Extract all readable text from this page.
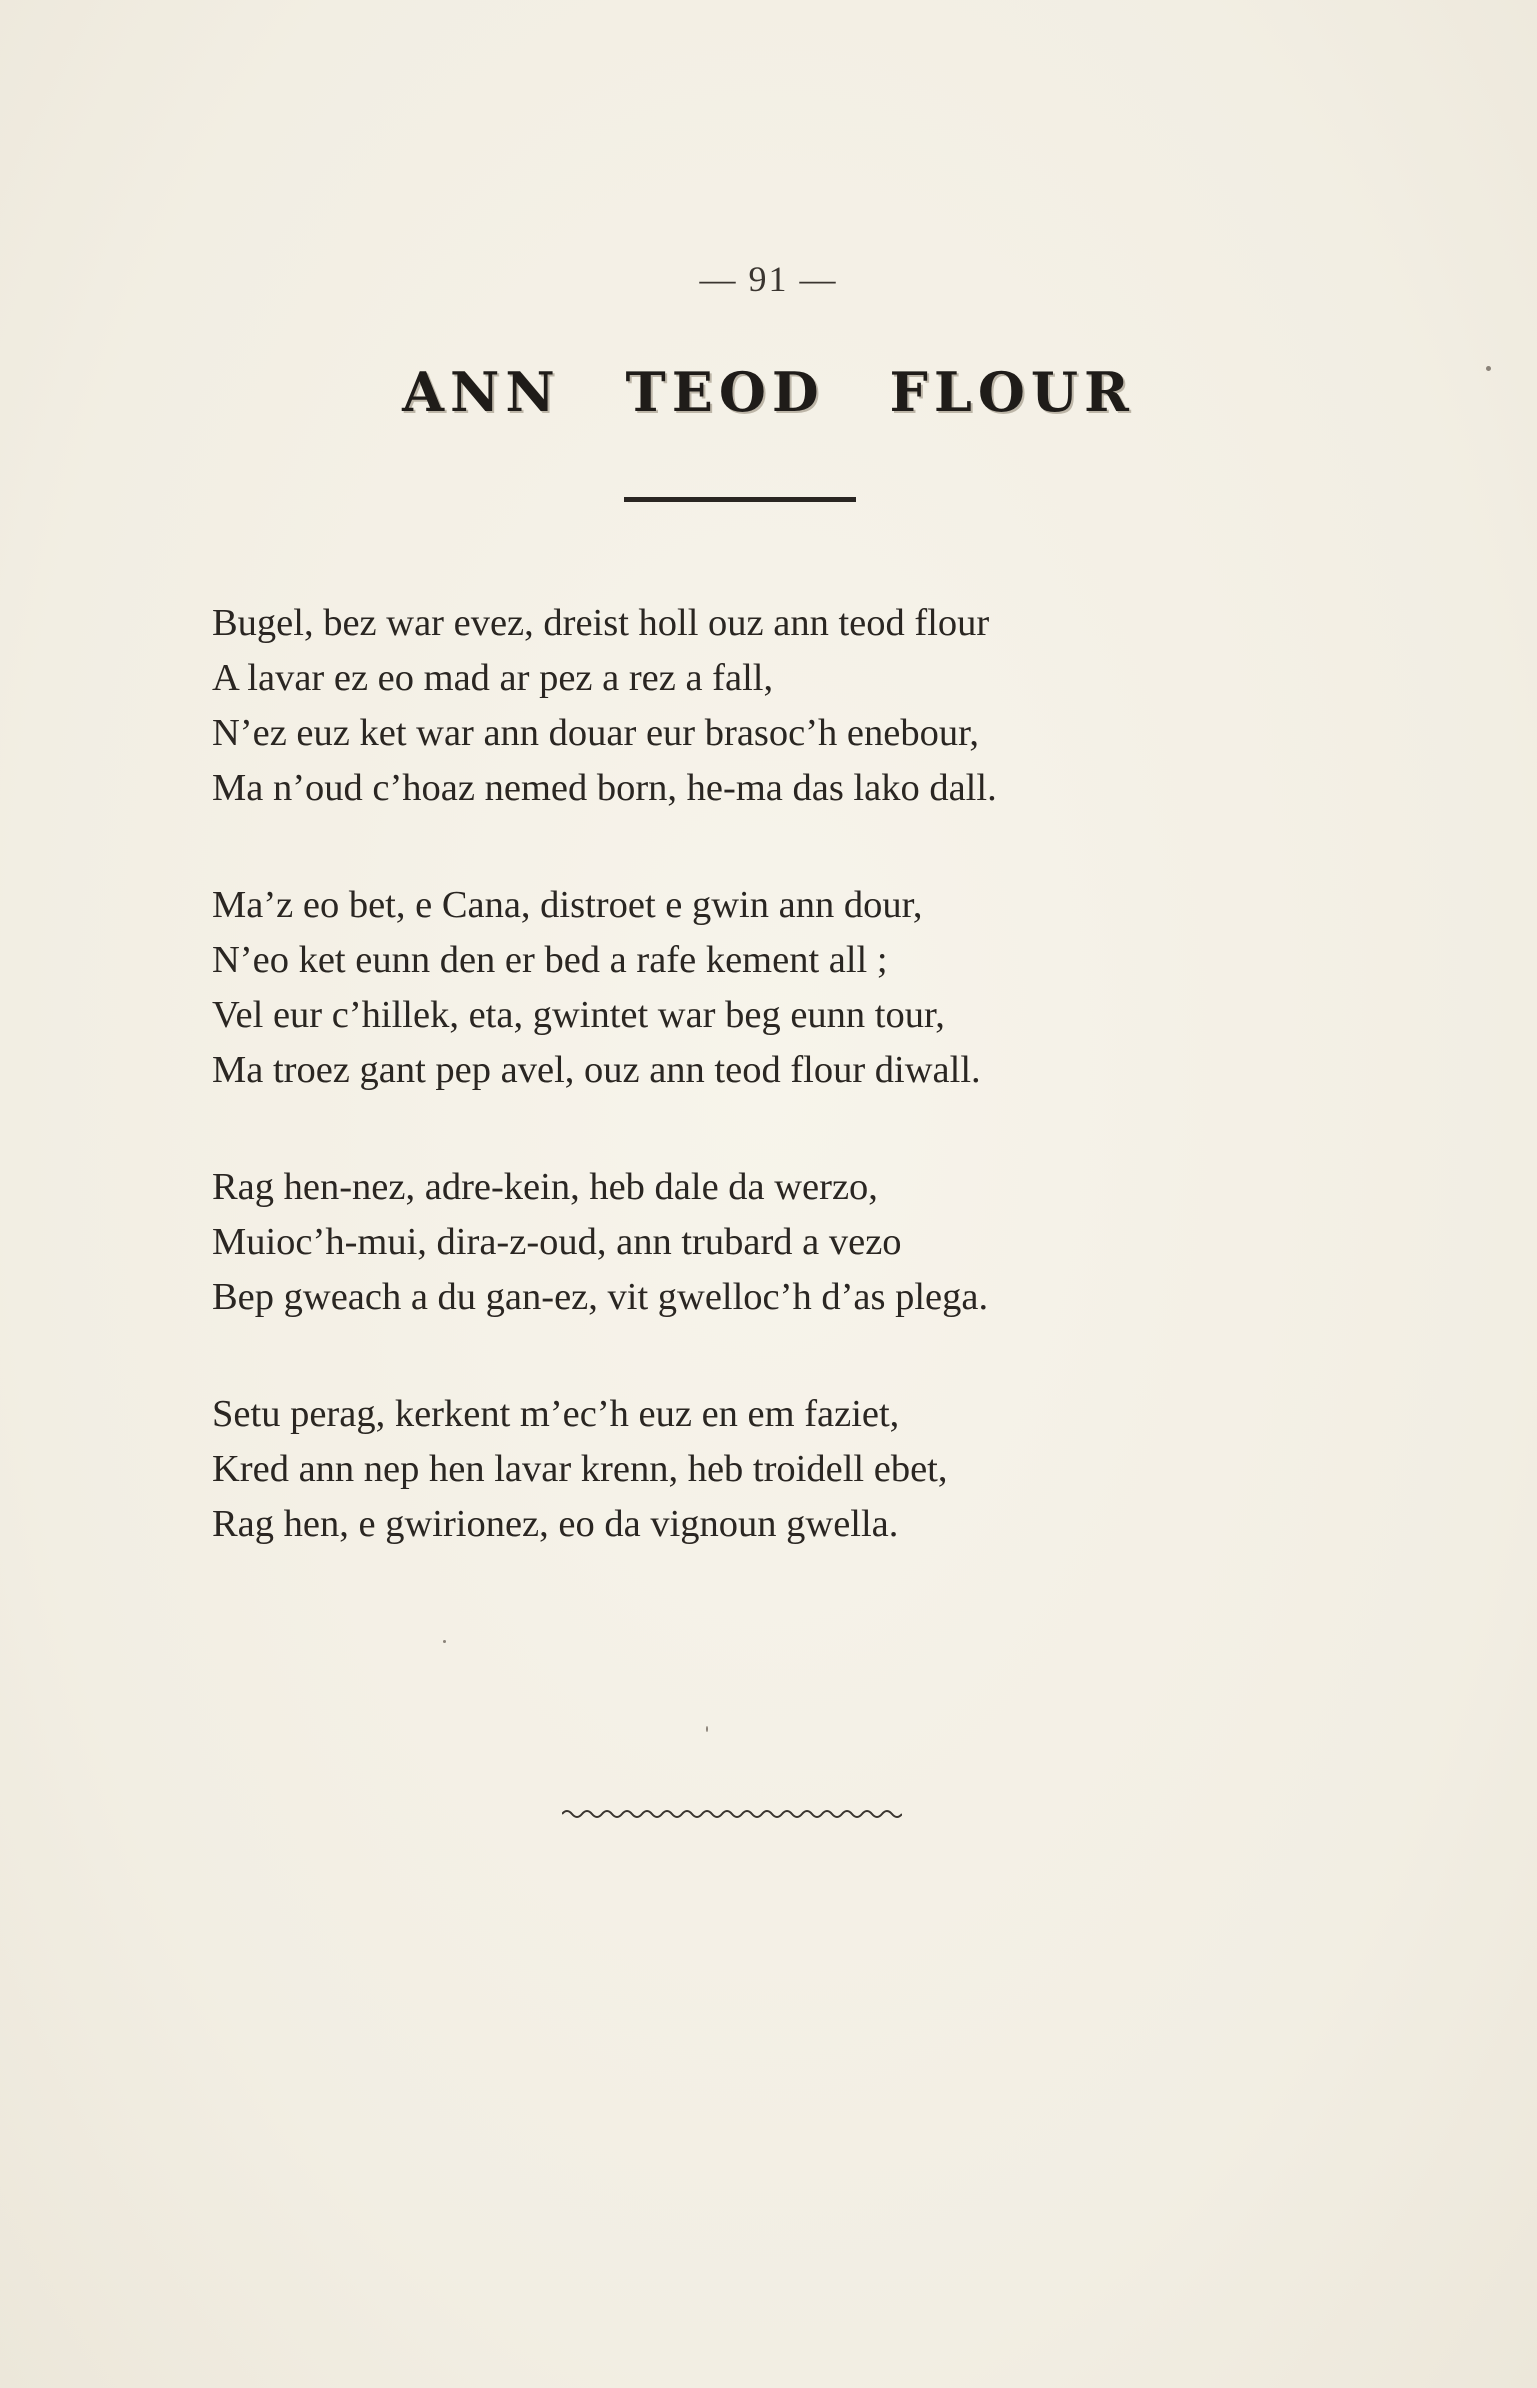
— 91 —
ANN TEOD FLOUR
Bugel, bez war evez, dreist holl ouz ann teod flour
A lavar ez eo mad ar pez a rez a fall,
N’ez euz ket war ann douar eur brasoc’h enebour,
Ma n’oud c’hoaz nemed born, he-ma das lako dall.
Ma’z eo bet, e Cana, distroet e gwin ann dour,
N’eo ket eunn den er bed a rafe kement all ;
Vel eur c’hillek, eta, gwintet war beg eunn tour,
Ma troez gant pep avel, ouz ann teod flour diwall.
Rag hen-nez, adre-kein, heb dale da werzo,
Muioc’h-mui, dira-z-oud, ann trubard a vezo
Bep gweach a du gan-ez, vit gwelloc’h d’as plega.
Setu perag, kerkent m’ec’h euz en em faziet,
Kred ann nep hen lavar krenn, heb troidell ebet,
Rag hen, e gwirionez, eo da vignoun gwella.
